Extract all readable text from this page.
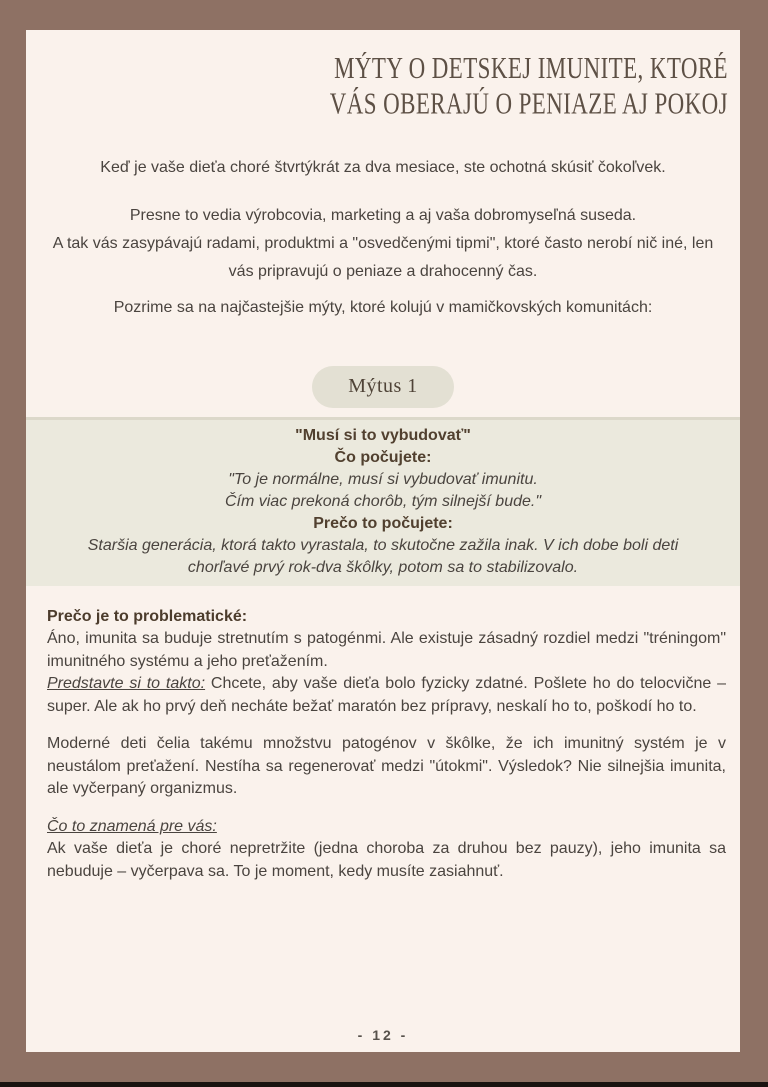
MÝTY O DETSKEJ IMUNITE, KTORÉ
VÁS OBERAJÚ O PENIAZE AJ POKOJ

Keď je vaše dieťa choré štvrtýkrát za dva mesiace, ste ochotná skúsiť čokoľvek.

Presne to vedia výrobcovia, marketing a aj vaša dobromyseľná suseda.
A tak vás zasypávajú radami, produktmi a "osvedčenými tipmi", ktoré často nerobí nič iné, len vás pripravujú o peniaze a drahocenný čas.

Pozrime sa na najčastejšie mýty, ktoré kolujú v mamičkovských komunitách:

Mýtus 1
"Musí si to vybudovať"
Čo počujete:
"To je normálne, musí si vybudovať imunitu.
Čím viac prekoná chorôb, tým silnejší bude."
Prečo to počujete:
Staršia generácia, ktorá takto vyrastala, to skutočne zažila inak. V ich dobe boli deti chorľavé prvý rok-dva škôlky, potom sa to stabilizovalo.
Prečo je to problematické:

Áno, imunita sa buduje stretnutím s patogénmi. Ale existuje zásadný rozdiel medzi "tréningom" imunitného systému a jeho preťažením.

Predstavte si to takto: Chcete, aby vaše dieťa bolo fyzicky zdatné. Pošlete ho do telocvične – super. Ale ak ho prvý deň necháte bežať maratón bez prípravy, neskalí ho to, poškodí ho to.

Moderné deti čelia takému množstvu patogénov v škôlke, že ich imunitný systém je v neustálom preťažení. Nestíha sa regenerovať medzi "útokmi". Výsledok? Nie silnejšia imunita, ale vyčerpaný organizmus.

Čo to znamená pre vás:

Ak vaše dieťa je choré nepretržite (jedna choroba za druhou bez pauzy), jeho imunita sa nebuduje – vyčerpava sa. To je moment, kedy musíte zasiahnuť.

- 12 -
